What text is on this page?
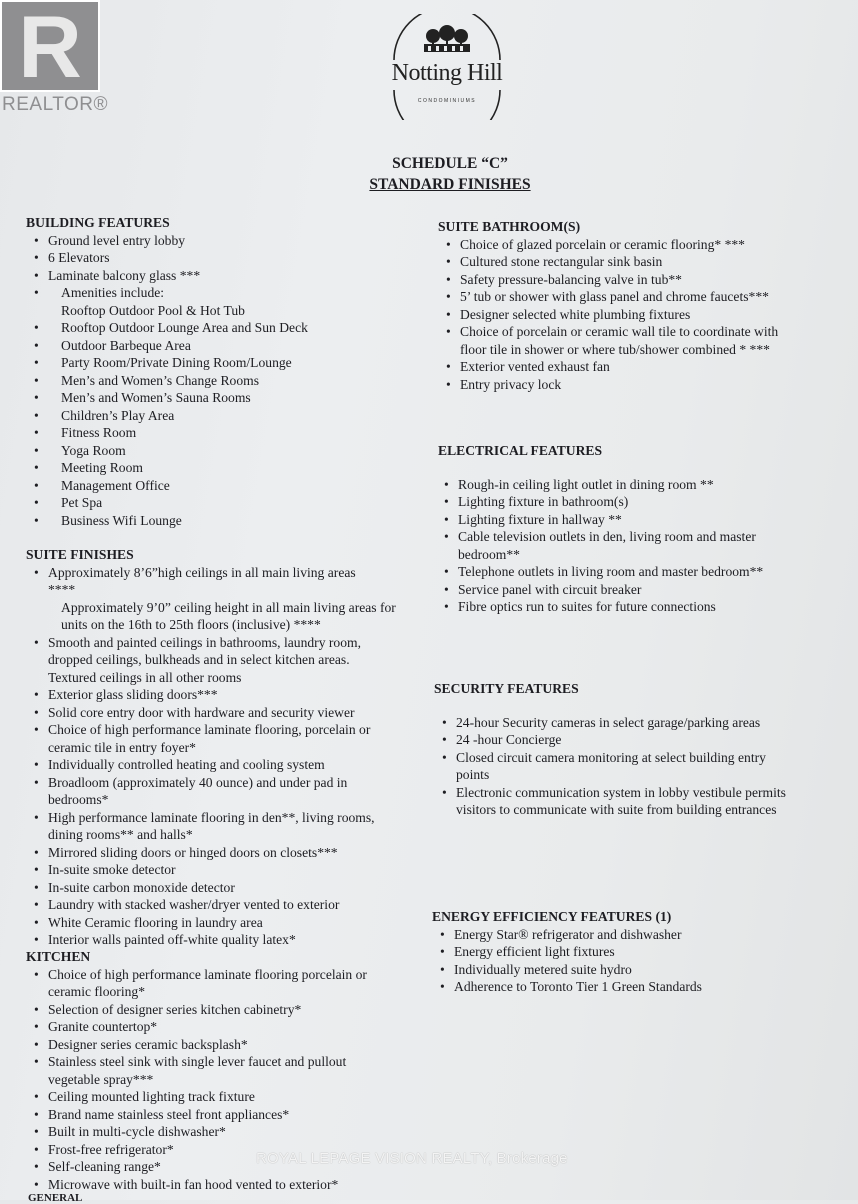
R
REALTOR®
Notting Hill
CONDOMINIUMS
SCHEDULE “C”
STANDARD FINISHES

BUILDING FEATURES

• Ground level entry lobby
• 6 Elevators
• Laminate balcony glass ***
• Amenities include:
Rooftop Outdoor Pool & Hot Tub
• Rooftop Outdoor Lounge Area and Sun Deck
• Outdoor Barbeque Area
• Party Room/Private Dining Room/Lounge
• Men’s and Women’s Change Rooms
• Men’s and Women’s Sauna Rooms
• Children’s Play Area
• Fitness Room
• Yoga Room
• Meeting Room
• Management Office
• Pet Spa
• Business Wifi Lounge

SUITE FINISHES

• Approximately 8’6”high ceilings in all main living areas
****
Approximately 9’0” ceiling height in all main living areas for
units on the 16th to 25th floors (inclusive) ****
• Smooth and painted ceilings in bathrooms, laundry room,
dropped ceilings, bulkheads and in select kitchen areas.
Textured ceilings in all other rooms
• Exterior glass sliding doors***
• Solid core entry door with hardware and security viewer
• Choice of high performance laminate flooring, porcelain or
ceramic tile in entry foyer*
• Individually controlled heating and cooling system
• Broadloom (approximately 40 ounce) and under pad in
bedrooms*
• High performance laminate flooring in den**, living rooms,
dining rooms** and halls*
• Mirrored sliding doors or hinged doors on closets***
• In-suite smoke detector
• In-suite carbon monoxide detector
• Laundry with stacked washer/dryer vented to exterior
• White Ceramic flooring in laundry area
• Interior walls painted off-white quality latex*

KITCHEN

• Choice of high performance laminate flooring porcelain or
ceramic flooring*
• Selection of designer series kitchen cabinetry*
• Granite countertop*
• Designer series ceramic backsplash*
• Stainless steel sink with single lever faucet and pullout
vegetable spray***
• Ceiling mounted lighting track fixture
• Brand name stainless steel front appliances*
• Built in multi-cycle dishwasher*
• Frost-free refrigerator*
• Self-cleaning range*
• Microwave with built-in fan hood vented to exterior*

SUITE BATHROOM(S)

• Choice of glazed porcelain or ceramic flooring* ***
• Cultured stone rectangular sink basin
• Safety pressure-balancing valve in tub**
• 5’ tub or shower with glass panel and chrome faucets***
• Designer selected white plumbing fixtures
• Choice of porcelain or ceramic wall tile to coordinate with
floor tile in shower or where tub/shower combined * ***
• Exterior vented exhaust fan
• Entry privacy lock

ELECTRICAL FEATURES

• Rough-in ceiling light outlet in dining room **
• Lighting fixture in bathroom(s)
• Lighting fixture in hallway **
• Cable television outlets in den, living room and master
bedroom**
• Telephone outlets in living room and master bedroom**
• Service panel with circuit breaker
• Fibre optics run to suites for future connections

SECURITY FEATURES

• 24-hour Security cameras in select garage/parking areas
• 24 -hour Concierge
• Closed circuit camera monitoring at select building entry
points
• Electronic communication system in lobby vestibule permits
visitors to communicate with suite from building entrances

ENERGY EFFICIENCY FEATURES (1)

• Energy Star® refrigerator and dishwasher
• Energy efficient light fixtures
• Individually metered suite hydro
• Adherence to Toronto Tier 1 Green Standards
GENERAL
ROYAL LEPAGE VISION REALTY, Brokerage
